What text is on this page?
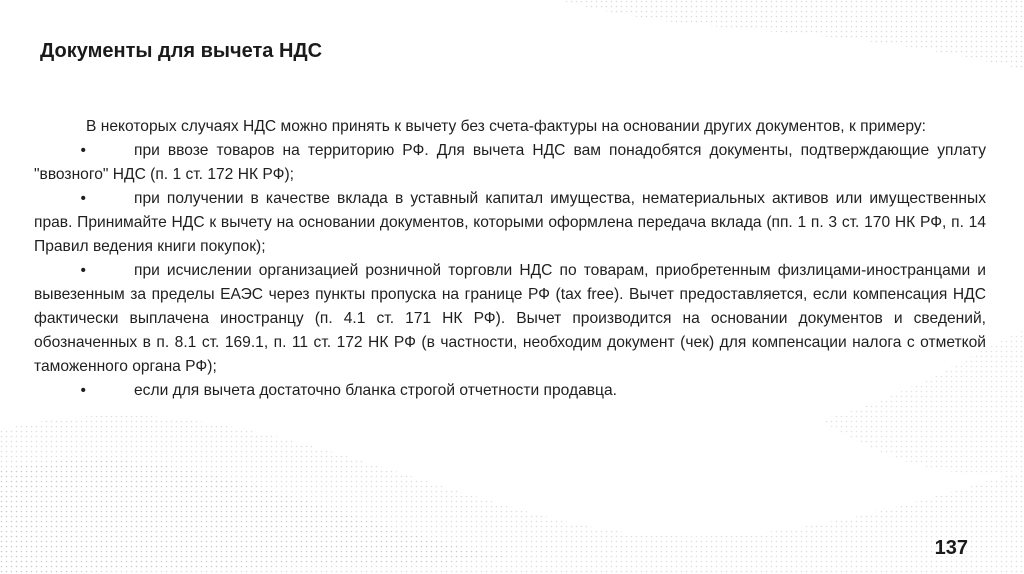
Документы для вычета НДС

В некоторых случаях НДС можно принять к вычету без счета-фактуры на основании других документов, к примеру:

•	при ввозе товаров на территорию РФ. Для вычета НДС вам понадобятся документы, подтверждающие уплату "ввозного" НДС (п. 1 ст. 172 НК РФ);

•	при получении в качестве вклада в уставный капитал имущества, нематериальных активов или имущественных прав. Принимайте НДС к вычету на основании документов, которыми оформлена передача вклада (пп. 1 п. 3 ст. 170 НК РФ, п. 14 Правил ведения книги покупок);

•	при исчислении организацией розничной торговли НДС по товарам, приобретенным физлицами-иностранцами и вывезенным за пределы ЕАЭС через пункты пропуска на границе РФ (tax free). Вычет предоставляется, если компенсация НДС фактически выплачена иностранцу (п. 4.1 ст. 171 НК РФ). Вычет производится на основании документов и сведений, обозначенных в п. 8.1 ст. 169.1, п. 11 ст. 172 НК РФ (в частности, необходим документ (чек) для компенсации налога с отметкой таможенного органа РФ);

•	если для вычета достаточно бланка строгой отчетности продавца.

137
